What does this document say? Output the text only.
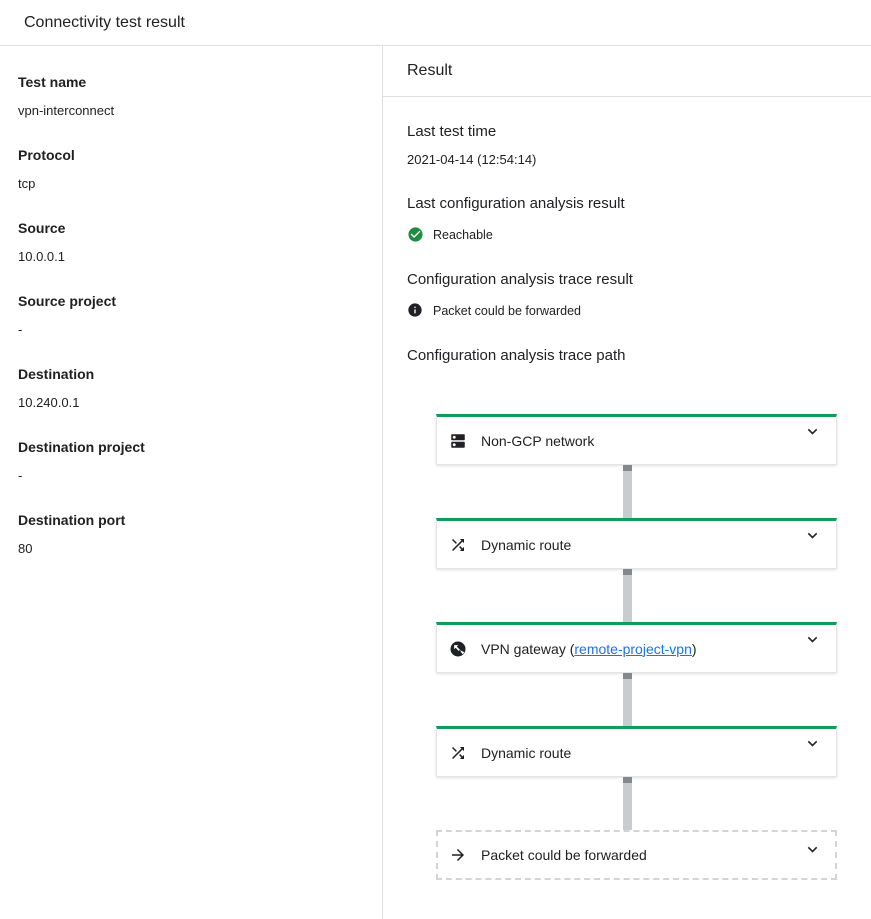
Connectivity test result
Test name
vpn-interconnect
Protocol
tcp
Source
10.0.0.1
Source project
-
Destination
10.240.0.1
Destination project
-
Destination port
80
Result
Last test time
2021-04-14 (12:54:14)
Last configuration analysis result
Reachable
Configuration analysis trace result
Packet could be forwarded
Configuration analysis trace path
Non-GCP network
Dynamic route
VPN gateway (remote-project-vpn)
Dynamic route
Packet could be forwarded
